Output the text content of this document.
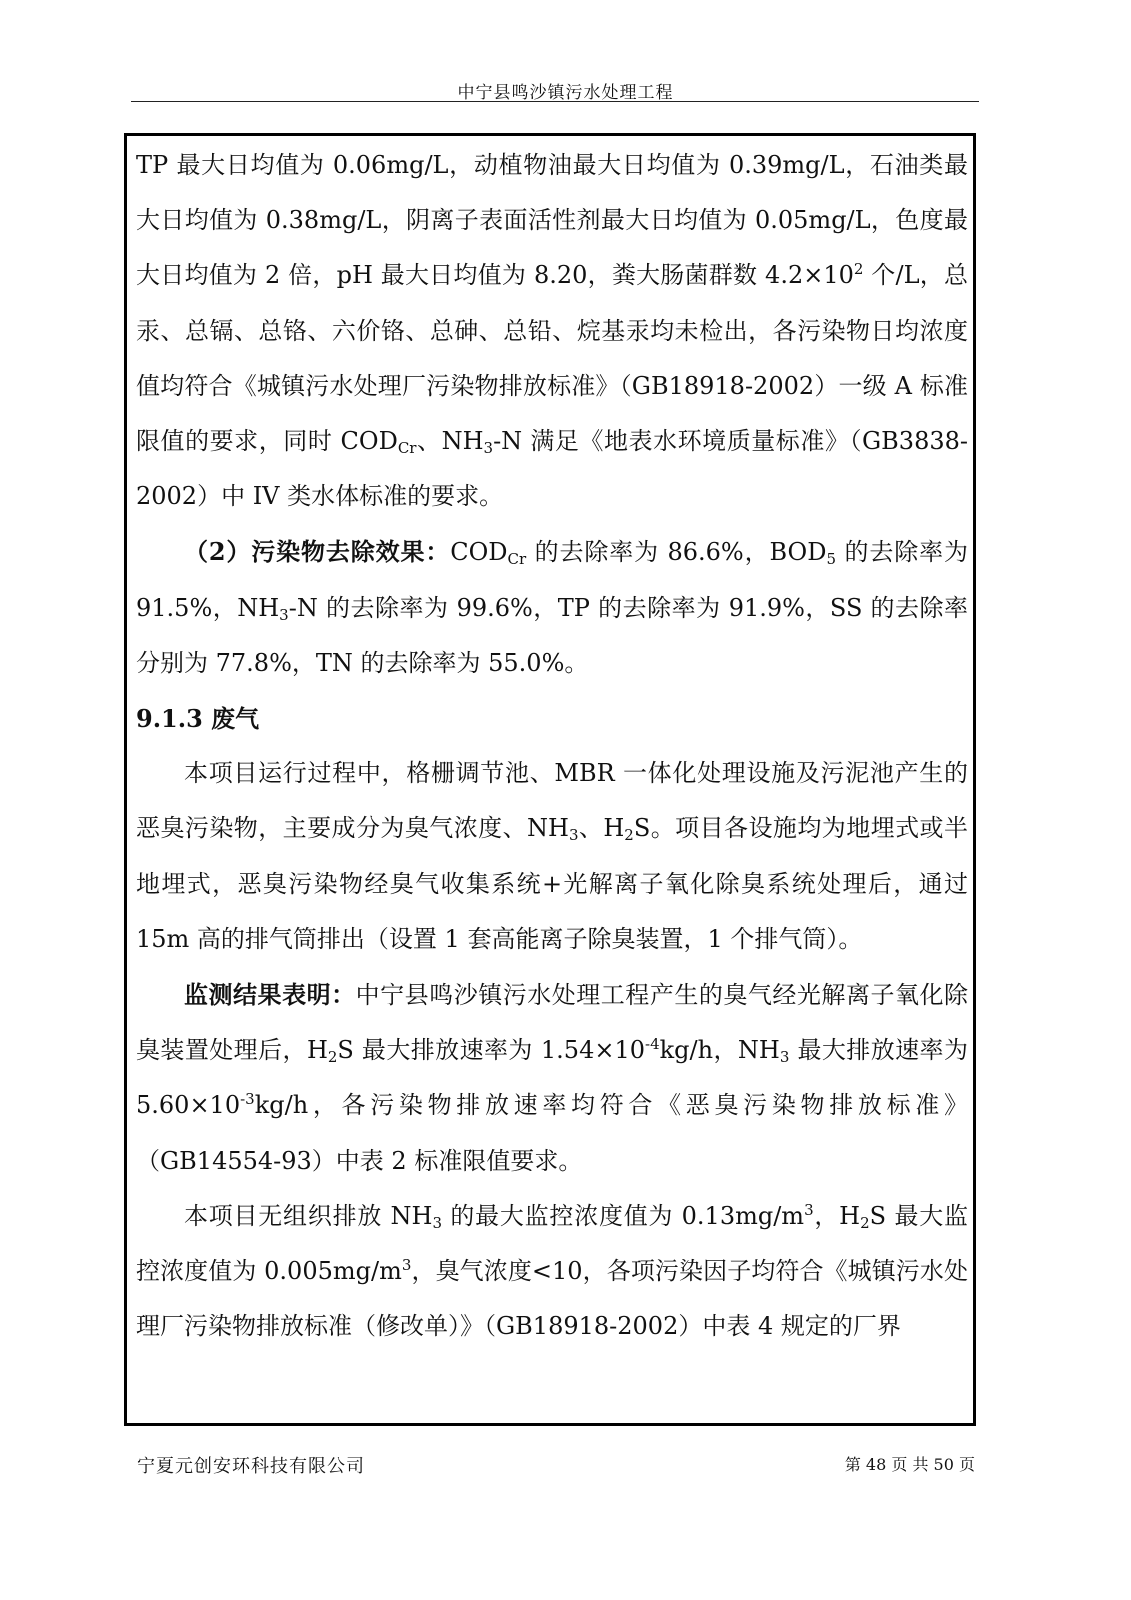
中宁县鸣沙镇污水处理工程

TP 最大日均值为 0.06mg/L，动植物油最大日均值为 0.39mg/L，石油类最大日均值为 0.38mg/L，阴离子表面活性剂最大日均值为 0.05mg/L，色度最大日均值为 2 倍，pH 最大日均值为 8.20，粪大肠菌群数 $4.2\times 10^2$ 个/L，总汞、总镉、总铬、六价铬、总砷、总铅、烷基汞均未检出，各污染物日均浓度值均符合《城镇污水处理厂污染物排放标准》（GB18918-2002）一级 A 标准限值的要求，同时 $COD_{Cr}$、$NH_3-N$ 满足《地表水环境质量标准》（GB3838-2002）中 IV 类水体标准的要求。

（2）污染物去除效果：$COD_{Cr}$ 的去除率为 86.6%，$BOD_5$ 的去除率为 91.5%，$NH_3-N$ 的去除率为 99.6%，TP 的去除率为 91.9%，SS 的去除率分别为 77.8%，TN 的去除率为 55.0%。

9.1.3 废气

本项目运行过程中，格栅调节池、MBR 一体化处理设施及污泥池产生的恶臭污染物，主要成分为臭气浓度、$NH_3$、$H_2S$。项目各设施均为地埋式或半地埋式，恶臭污染物经臭气收集系统+光解离子氧化除臭系统处理后，通过 15m 高的排气筒排出（设置 1 套高能离子除臭装置，1 个排气筒）。

监测结果表明：中宁县鸣沙镇污水处理工程产生的臭气经光解离子氧化除臭装置处理后，$H_2S$ 最大排放速率为 $1.54\times 10^{-4}kg/h$，$NH_3$ 最大排放速率为 $5.60\times 10^{-3}kg/h$，各污染物排放速率均符合《恶臭污染物排放标准》（GB14554-93）中表 2 标准限值要求。

本项目无组织排放 $NH_3$ 的最大监控浓度值为 $0.13mg/m^3$，$H_2S$ 最大监控浓度值为 $0.005mg/m^3$，臭气浓度<10，各项污染因子均符合《城镇污水处理厂污染物排放标准（修改单）》（GB18918-2002）中表 4 规定的厂界

宁夏元创安环科技有限公司	第 48 页 共 50 页
